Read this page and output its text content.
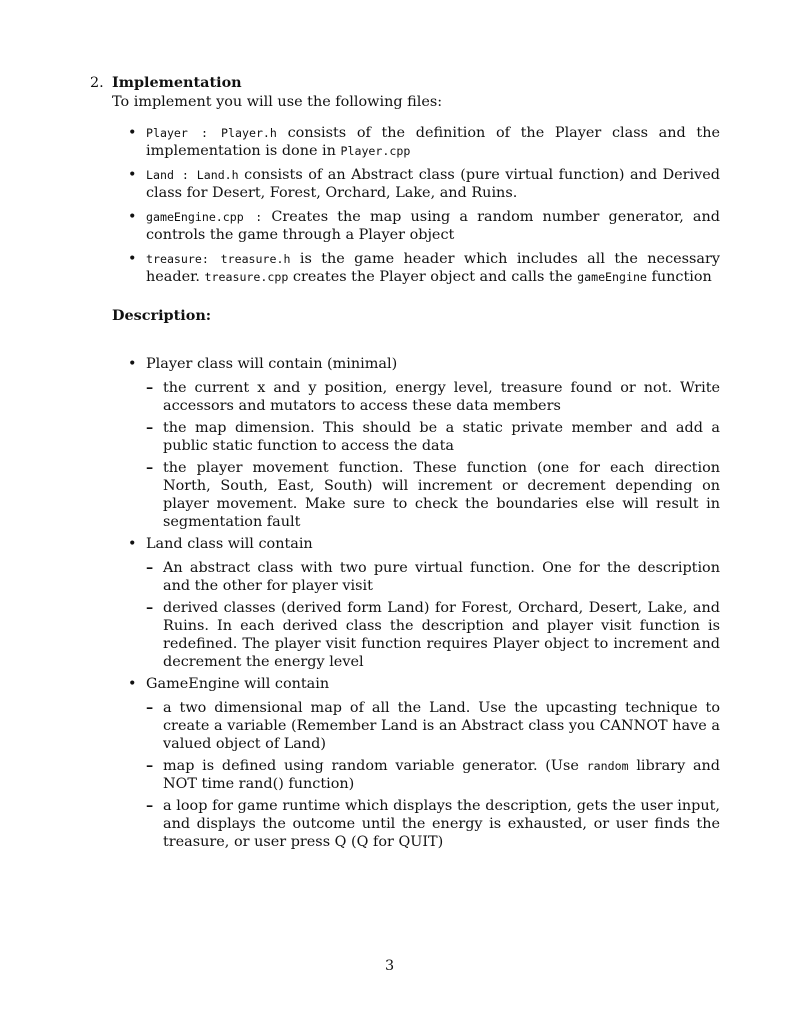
2. Implementation

To implement you will use the following files:

• Player : Player.h consists of the definition of the Player class and the implementation is done in Player.cpp
• Land : Land.h consists of an Abstract class (pure virtual function) and Derived class for Desert, Forest, Orchard, Lake, and Ruins.
• gameEngine.cpp : Creates the map using a random number generator, and controls the game through a Player object
• treasure: treasure.h is the game header which includes all the necessary header. treasure.cpp creates the Player object and calls the gameEngine function

Description:

• Player class will contain (minimal)
– the current x and y position, energy level, treasure found or not. Write accessors and mutators to access these data members
– the map dimension. This should be a static private member and add a public static function to access the data
– the player movement function. These function (one for each direction North, South, East, South) will increment or decrement depending on player movement. Make sure to check the boundaries else will result in segmentation fault
• Land class will contain
– An abstract class with two pure virtual function. One for the description and the other for player visit
– derived classes (derived form Land) for Forest, Orchard, Desert, Lake, and Ruins. In each derived class the description and player visit function is redefined. The player visit function requires Player object to increment and decrement the energy level
• GameEngine will contain
– a two dimensional map of all the Land. Use the upcasting technique to create a variable (Remember Land is an Abstract class you CANNOT have a valued object of Land)
– map is defined using random variable generator. (Use random library and NOT time rand() function)
– a loop for game runtime which displays the description, gets the user input, and displays the outcome until the energy is exhausted, or user finds the treasure, or user press Q (Q for QUIT)

3
